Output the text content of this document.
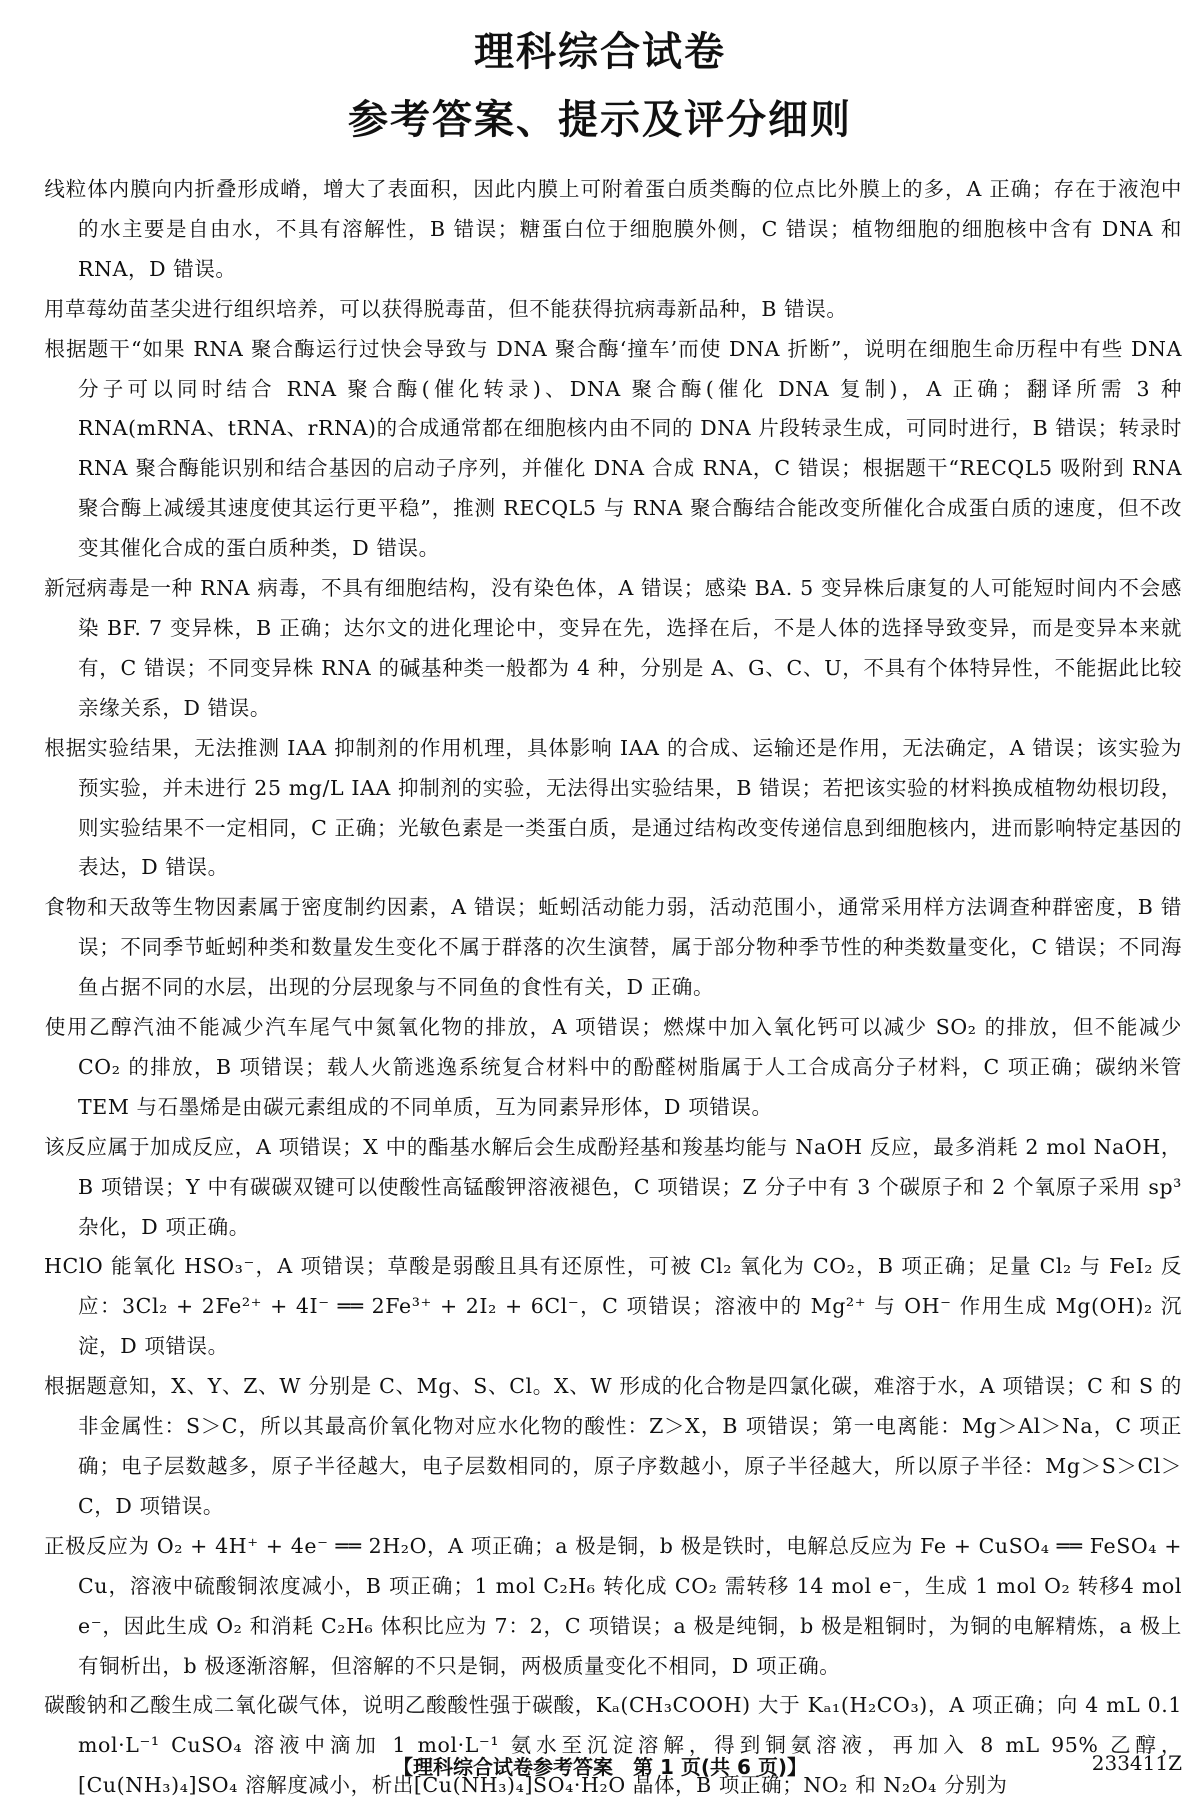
理科综合试卷
参考答案、提示及评分细则

线粒体内膜向内折叠形成嵴，增大了表面积，因此内膜上可附着蛋白质类酶的位点比外膜上的多，A 正确；存在于液泡中的水主要是自由水，不具有溶解性，B 错误；糖蛋白位于细胞膜外侧，C 错误；植物细胞的细胞核中含有 DNA 和 RNA，D 错误。

用草莓幼苗茎尖进行组织培养，可以获得脱毒苗，但不能获得抗病毒新品种，B 错误。

根据题干“如果 RNA 聚合酶运行过快会导致与 DNA 聚合酶‘撞车’而使 DNA 折断”，说明在细胞生命历程中有些 DNA 分子可以同时结合 RNA 聚合酶(催化转录)、DNA 聚合酶(催化 DNA 复制)，A 正确；翻译所需 3 种 RNA(mRNA、tRNA、rRNA)的合成通常都在细胞核内由不同的 DNA 片段转录生成，可同时进行，B 错误；转录时 RNA 聚合酶能识别和结合基因的启动子序列，并催化 DNA 合成 RNA，C 错误；根据题干“RECQL5 吸附到 RNA 聚合酶上减缓其速度使其运行更平稳”，推测 RECQL5 与 RNA 聚合酶结合能改变所催化合成蛋白质的速度，但不改变其催化合成的蛋白质种类，D 错误。

新冠病毒是一种 RNA 病毒，不具有细胞结构，没有染色体，A 错误；感染 BA. 5 变异株后康复的人可能短时间内不会感染 BF. 7 变异株，B 正确；达尔文的进化理论中，变异在先，选择在后，不是人体的选择导致变异，而是变异本来就有，C 错误；不同变异株 RNA 的碱基种类一般都为 4 种，分别是 A、G、C、U，不具有个体特异性，不能据此比较亲缘关系，D 错误。

根据实验结果，无法推测 IAA 抑制剂的作用机理，具体影响 IAA 的合成、运输还是作用，无法确定，A 错误；该实验为预实验，并未进行 25 mg/L IAA 抑制剂的实验，无法得出实验结果，B 错误；若把该实验的材料换成植物幼根切段，则实验结果不一定相同，C 正确；光敏色素是一类蛋白质，是通过结构改变传递信息到细胞核内，进而影响特定基因的表达，D 错误。

食物和天敌等生物因素属于密度制约因素，A 错误；蚯蚓活动能力弱，活动范围小，通常采用样方法调查种群密度，B 错误；不同季节蚯蚓种类和数量发生变化不属于群落的次生演替，属于部分物种季节性的种类数量变化，C 错误；不同海鱼占据不同的水层，出现的分层现象与不同鱼的食性有关，D 正确。

使用乙醇汽油不能减少汽车尾气中氮氧化物的排放，A 项错误；燃煤中加入氧化钙可以减少 SO₂ 的排放，但不能减少 CO₂ 的排放，B 项错误；载人火箭逃逸系统复合材料中的酚醛树脂属于人工合成高分子材料，C 项正确；碳纳米管 TEM 与石墨烯是由碳元素组成的不同单质，互为同素异形体，D 项错误。

该反应属于加成反应，A 项错误；X 中的酯基水解后会生成酚羟基和羧基均能与 NaOH 反应，最多消耗 2 mol NaOH，B 项错误；Y 中有碳碳双键可以使酸性高锰酸钾溶液褪色，C 项错误；Z 分子中有 3 个碳原子和 2 个氧原子采用 sp³ 杂化，D 项正确。

HClO 能氧化 HSO₃⁻，A 项错误；草酸是弱酸且具有还原性，可被 Cl₂ 氧化为 CO₂，B 项正确；足量 Cl₂ 与 FeI₂ 反应：3Cl₂ + 2Fe²⁺ + 4I⁻ ══ 2Fe³⁺ + 2I₂ + 6Cl⁻，C 项错误；溶液中的 Mg²⁺ 与 OH⁻ 作用生成 Mg(OH)₂ 沉淀，D 项错误。

根据题意知，X、Y、Z、W 分别是 C、Mg、S、Cl。X、W 形成的化合物是四氯化碳，难溶于水，A 项错误；C 和 S 的非金属性：S＞C，所以其最高价氧化物对应水化物的酸性：Z＞X，B 项错误；第一电离能：Mg＞Al＞Na，C 项正确；电子层数越多，原子半径越大，电子层数相同的，原子序数越小，原子半径越大，所以原子半径：Mg＞S＞Cl＞C，D 项错误。

正极反应为 O₂ + 4H⁺ + 4e⁻ ══ 2H₂O，A 项正确；a 极是铜，b 极是铁时，电解总反应为 Fe + CuSO₄ ══ FeSO₄ + Cu，溶液中硫酸铜浓度减小，B 项正确；1 mol C₂H₆ 转化成 CO₂ 需转移 14 mol e⁻，生成 1 mol O₂ 转移4 mol e⁻，因此生成 O₂ 和消耗 C₂H₆ 体积比应为 7：2，C 项错误；a 极是纯铜，b 极是粗铜时，为铜的电解精炼，a 极上有铜析出，b 极逐渐溶解，但溶解的不只是铜，两极质量变化不相同，D 项正确。

碳酸钠和乙酸生成二氧化碳气体，说明乙酸酸性强于碳酸，Kₐ(CH₃COOH) 大于 Kₐ₁(H₂CO₃)，A 项正确；向 4 mL 0.1 mol·L⁻¹ CuSO₄ 溶液中滴加 1 mol·L⁻¹ 氨水至沉淀溶解，得到铜氨溶液，再加入 8 mL 95% 乙醇，[Cu(NH₃)₄]SO₄ 溶解度减小，析出[Cu(NH₃)₄]SO₄·H₂O 晶体，B 项正确；NO₂ 和 N₂O₄ 分别为

【理科综合试卷参考答案　第 1 页(共 6 页)】	233411Z
